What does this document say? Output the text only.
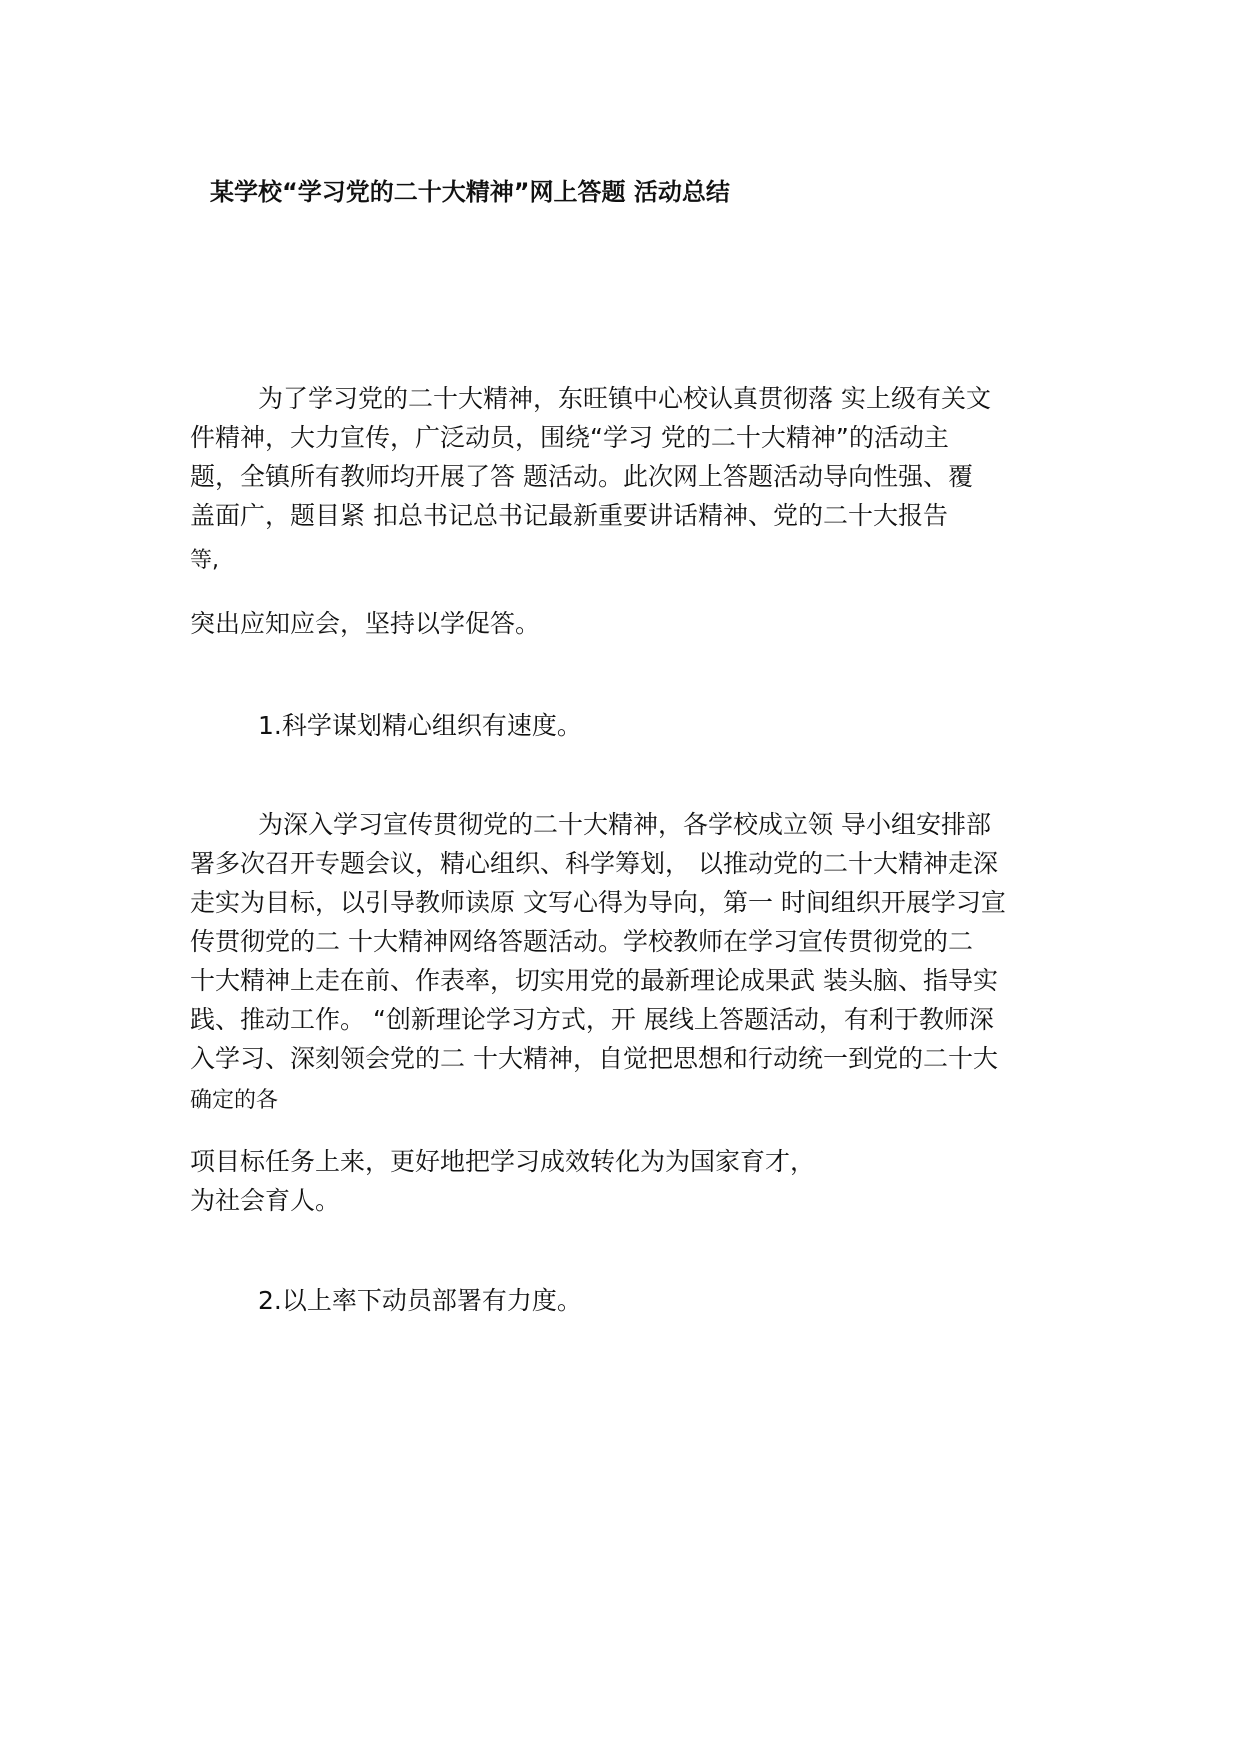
某学校“学习党的二十大精神”网上答题 活动总结

为了学习党的二十大精神，东旺镇中心校认真贯彻落 实上级有关文

件精神，大力宣传，广泛动员，围绕“学习 党的二十大精神”的活动主

题，全镇所有教师均开展了答 题活动。此次网上答题活动导向性强、覆

盖面广，题目紧 扣总书记总书记最新重要讲话精神、党的二十大报告

等,

突出应知应会，坚持以学促答。

1.科学谋划精心组织有速度。

为深入学习宣传贯彻党的二十大精神，各学校成立领 导小组安排部

署多次召开专题会议，精心组织、科学筹划， 以推动党的二十大精神走深

走实为目标，以引导教师读原 文写心得为导向，第一 时间组织开展学习宣

传贯彻党的二 十大精神网络答题活动。学校教师在学习宣传贯彻党的二

十大精神上走在前、作表率，切实用党的最新理论成果武 装头脑、指导实

践、推动工作。 “创新理论学习方式，开 展线上答题活动，有利于教师深

入学习、深刻领会党的二 十大精神，自觉把思想和行动统一到党的二十大

确定的各

项目标任务上来，更好地把学习成效转化为为国家育才，

为社会育人。

2.以上率下动员部署有力度。
